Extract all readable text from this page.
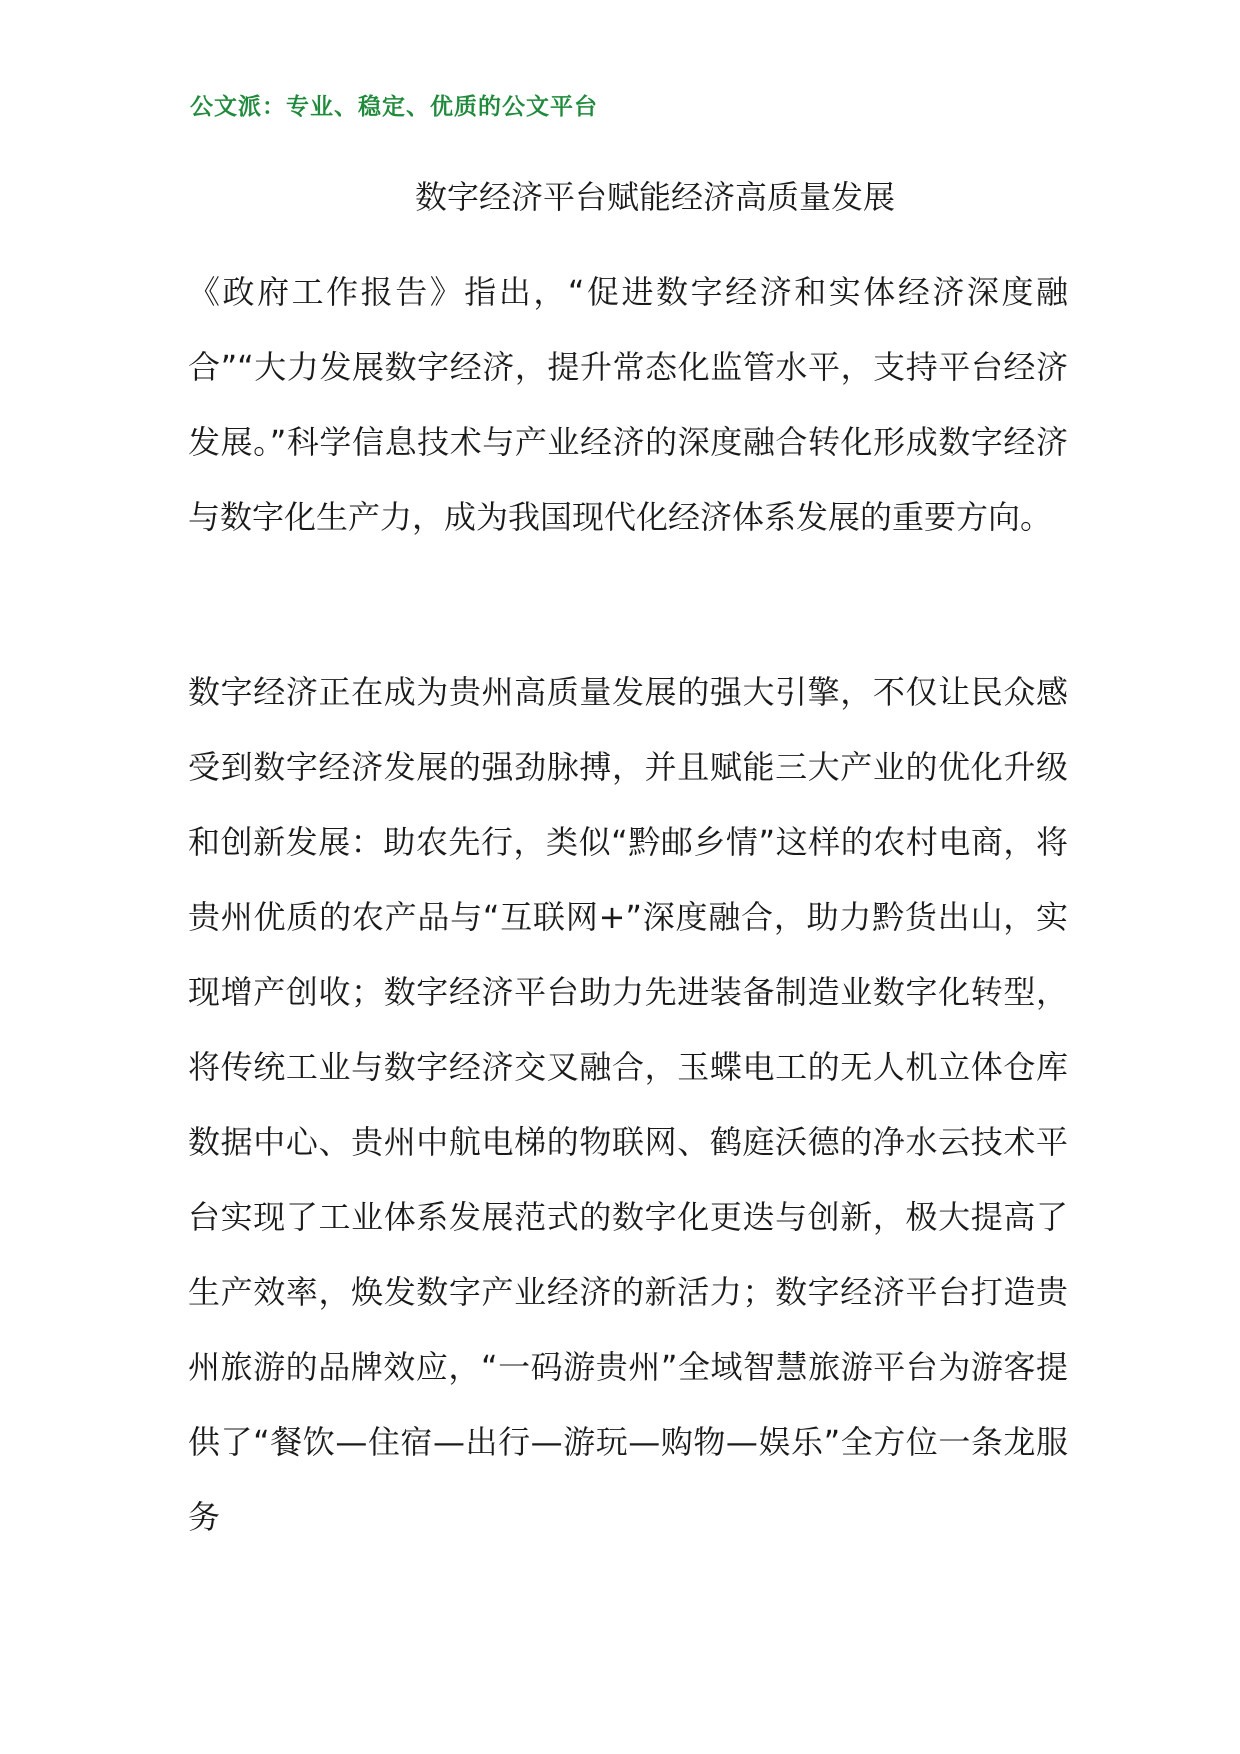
公文派：专业、稳定、优质的公文平台
数字经济平台赋能经济高质量发展

《政府工作报告》指出，“促进数字经济和实体经济深度融合”“大力发展数字经济，提升常态化监管水平，支持平台经济发展。”科学信息技术与产业经济的深度融合转化形成数字经济与数字化生产力，成为我国现代化经济体系发展的重要方向。

数字经济正在成为贵州高质量发展的强大引擎，不仅让民众感受到数字经济发展的强劲脉搏，并且赋能三大产业的优化升级和创新发展：助农先行，类似“黔邮乡情”这样的农村电商，将贵州优质的农产品与“互联网+”深度融合，助力黔货出山，实现增产创收；数字经济平台助力先进装备制造业数字化转型，将传统工业与数字经济交叉融合，玉蝶电工的无人机立体仓库数据中心、贵州中航电梯的物联网、鹤庭沃德的净水云技术平台实现了工业体系发展范式的数字化更迭与创新，极大提高了生产效率，焕发数字产业经济的新活力；数字经济平台打造贵州旅游的品牌效应，“一码游贵州”全域智慧旅游平台为游客提供了“餐饮—住宿—出行—游玩—购物—娱乐”全方位一条龙服务
